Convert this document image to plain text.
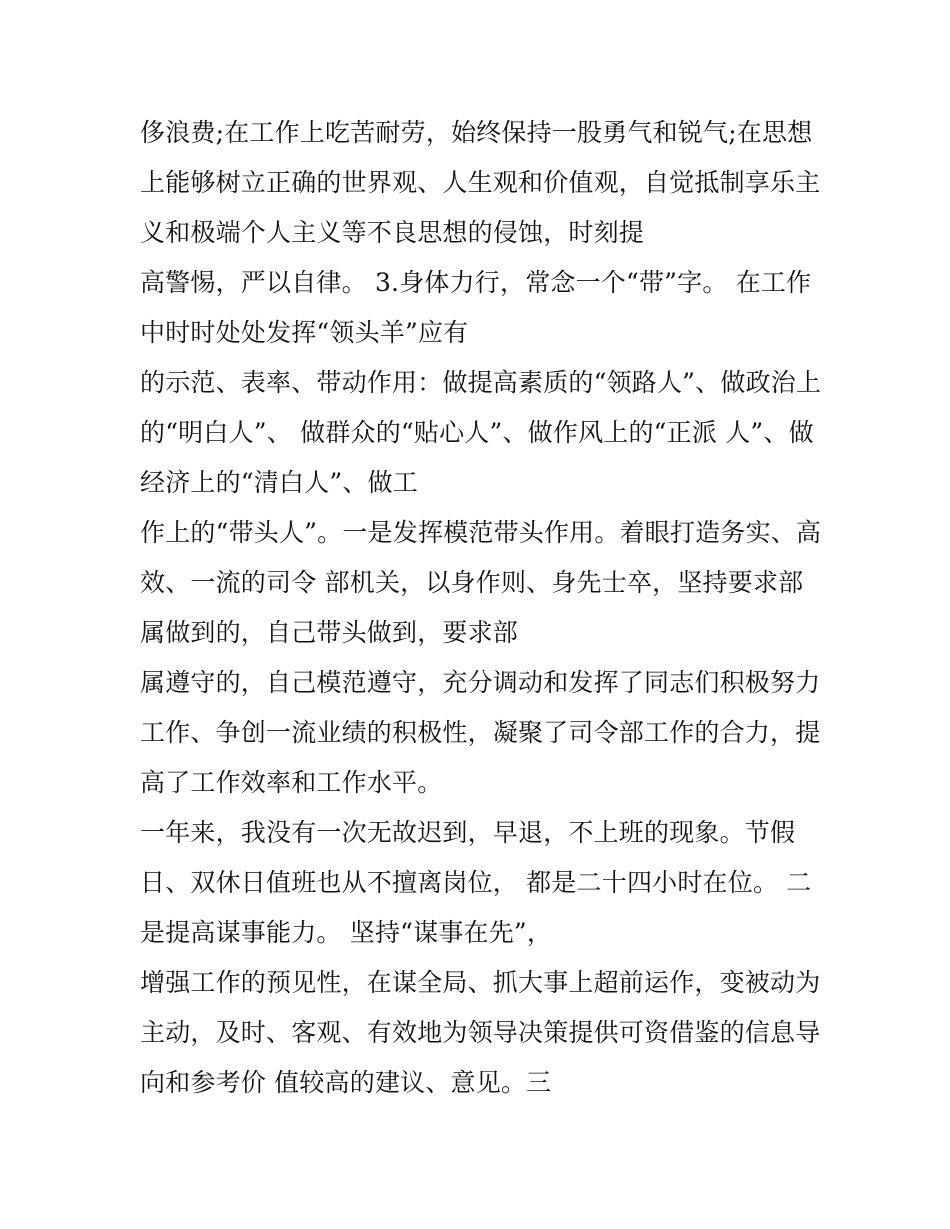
侈浪费;在工作上吃苦耐劳，始终保持一股勇气和锐气;在思想
上能够树立正确的世界观、人生观和价值观，自觉抵制享乐主
义和极端个人主义等不良思想的侵蚀，时刻提
高警惕，严以自律。 3.身体力行，常念一个“带”字。 在工作
中时时处处发挥“领头羊”应有
的示范、表率、带动作用：做提高素质的“领路人”、做政治上
的“明白人”、 做群众的“贴心人”、做作风上的“正派 人”、做
经济上的“清白人”、做工
作上的“带头人”。一是发挥模范带头作用。着眼打造务实、高
效、一流的司令 部机关，以身作则、身先士卒，坚持要求部
属做到的，自己带头做到，要求部
属遵守的，自己模范遵守，充分调动和发挥了同志们积极努力
工作、争创一流业绩的积极性，凝聚了司令部工作的合力，提
高了工作效率和工作水平。
一年来，我没有一次无故迟到，早退，不上班的现象。节假
日、双休日值班也从不擅离岗位， 都是二十四小时在位。 二
是提高谋事能力。 坚持“谋事在先”，
增强工作的预见性，在谋全局、抓大事上超前运作，变被动为
主动，及时、客观、有效地为领导决策提供可资借鉴的信息导
向和参考价 值较高的建议、意见。三
